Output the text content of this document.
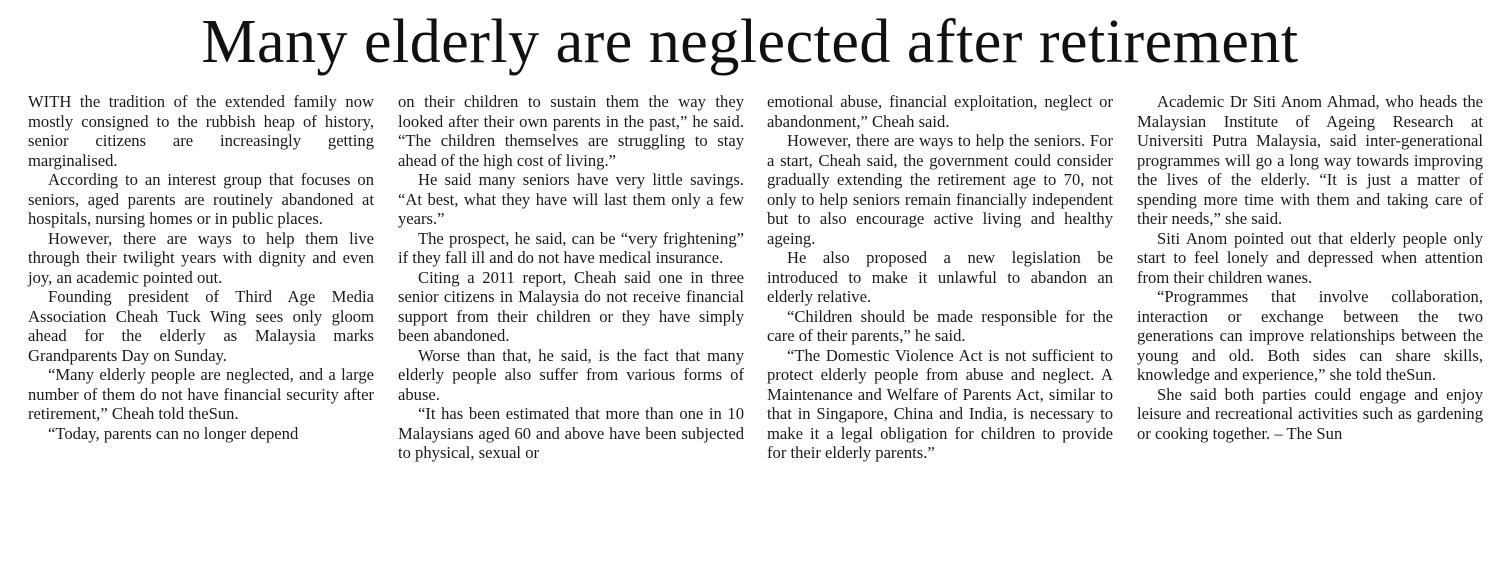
Many elderly are neglected after retirement

WITH the tradition of the extended family now mostly consigned to the rubbish heap of history, senior citizens are increasingly getting marginalised.

According to an interest group that focuses on seniors, aged parents are routinely abandoned at hospitals, nursing homes or in public places.

However, there are ways to help them live through their twilight years with dignity and even joy, an academic pointed out.

Founding president of Third Age Media Association Cheah Tuck Wing sees only gloom ahead for the elderly as Malaysia marks Grandparents Day on Sunday.

“Many elderly people are neglected, and a large number of them do not have financial security after retirement,” Cheah told theSun.

“Today, parents can no longer depend

on their children to sustain them the way they looked after their own parents in the past,” he said. “The children themselves are struggling to stay ahead of the high cost of living.”

He said many seniors have very little savings. “At best, what they have will last them only a few years.”

The prospect, he said, can be “very frightening” if they fall ill and do not have medical insurance.

Citing a 2011 report, Cheah said one in three senior citizens in Malaysia do not receive financial support from their children or they have simply been abandoned.

Worse than that, he said, is the fact that many elderly people also suffer from various forms of abuse.

“It has been estimated that more than one in 10 Malaysians aged 60 and above have been subjected to physical, sexual or

emotional abuse, financial exploitation, neglect or abandonment,” Cheah said.

However, there are ways to help the seniors. For a start, Cheah said, the government could consider gradually extending the retirement age to 70, not only to help seniors remain financially independent but to also encourage active living and healthy ageing.

He also proposed a new legislation be introduced to make it unlawful to abandon an elderly relative.

“Children should be made responsible for the care of their parents,” he said.

“The Domestic Violence Act is not sufficient to protect elderly people from abuse and neglect. A Maintenance and Welfare of Parents Act, similar to that in Singapore, China and India, is necessary to make it a legal obligation for children to provide for their elderly parents.”

Academic Dr Siti Anom Ahmad, who heads the Malaysian Institute of Ageing Research at Universiti Putra Malaysia, said inter-generational programmes will go a long way towards improving the lives of the elderly. “It is just a matter of spending more time with them and taking care of their needs,” she said.

Siti Anom pointed out that elderly people only start to feel lonely and depressed when attention from their children wanes.

“Programmes that involve collaboration, interaction or exchange between the two generations can improve relationships between the young and old. Both sides can share skills, knowledge and experience,” she told theSun.

She said both parties could engage and enjoy leisure and recreational activities such as gardening or cooking together. – The Sun
